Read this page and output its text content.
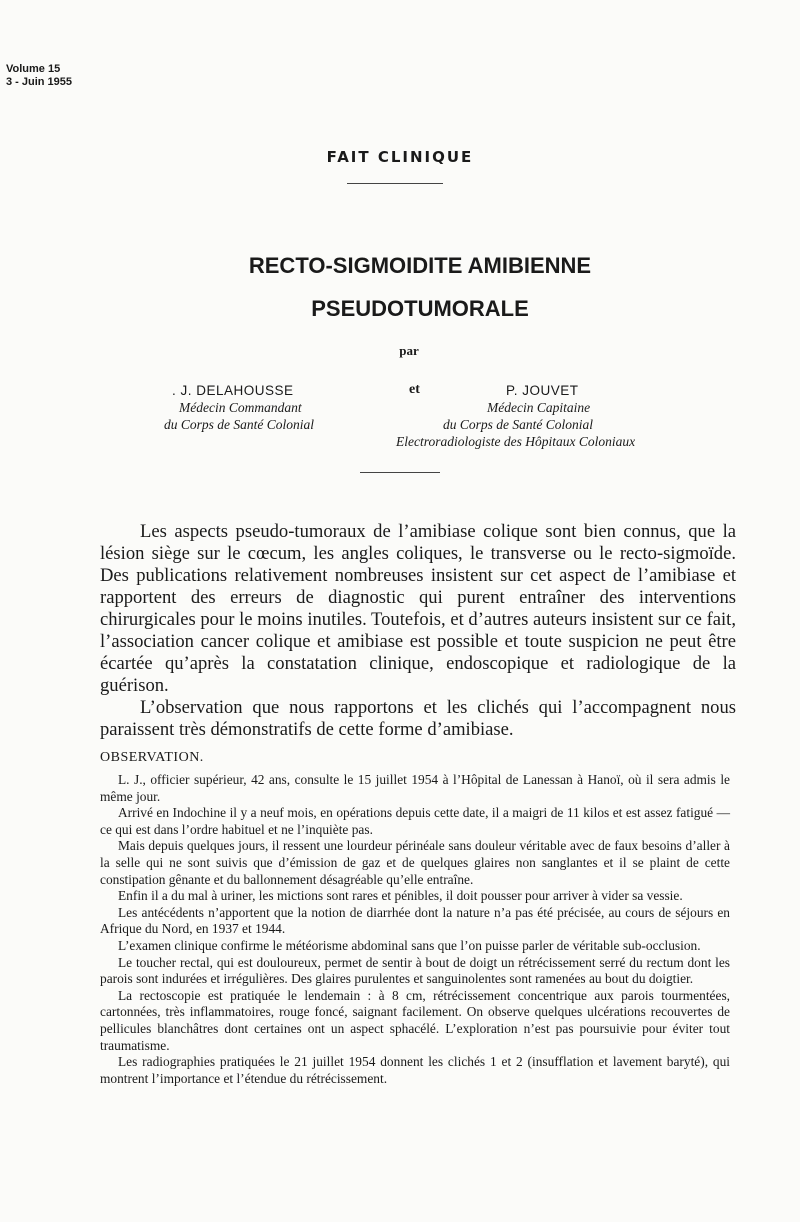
Volume 15
3 - Juin 1955
FAIT CLINIQUE
RECTO-SIGMOIDITE AMIBIENNE
PSEUDOTUMORALE
par
. J. DELAHOUSSE
Médecin Commandant
du Corps de Santé Colonial
et	P. JOUVET
Médecin Capitaine
du Corps de Santé Colonial
Electroradiologiste des Hôpitaux Coloniaux

Les aspects pseudo-tumoraux de l’amibiase colique sont bien connus, que la lésion siège sur le cœcum, les angles coliques, le transverse ou le recto-sigmoïde. Des publications relativement nombreuses insistent sur cet aspect de l’amibiase et rapportent des erreurs de diagnostic qui purent entraîner des interventions chirurgicales pour le moins inutiles. Toutefois, et d’autres auteurs insistent sur ce fait, l’association cancer colique et amibiase est possible et toute suspicion ne peut être écartée qu’après la constatation clinique, endoscopique et radiologique de la guérison.

L’observation que nous rapportons et les clichés qui l’accompagnent nous paraissent très démonstratifs de cette forme d’amibiase.

OBSERVATION.

L. J., officier supérieur, 42 ans, consulte le 15 juillet 1954 à l’Hôpital de Lanessan à Hanoï, où il sera admis le même jour.

Arrivé en Indochine il y a neuf mois, en opérations depuis cette date, il a maigri de 11 kilos et est assez fatigué — ce qui est dans l’ordre habituel et ne l’inquiète pas.

Mais depuis quelques jours, il ressent une lourdeur périnéale sans douleur véritable avec de faux besoins d’aller à la selle qui ne sont suivis que d’émission de gaz et de quelques glaires non sanglantes et il se plaint de cette constipation gênante et du ballonnement désagréable qu’elle entraîne.

Enfin il a du mal à uriner, les mictions sont rares et pénibles, il doit pousser pour arriver à vider sa vessie.

Les antécédents n’apportent que la notion de diarrhée dont la nature n’a pas été précisée, au cours de séjours en Afrique du Nord, en 1937 et 1944.

L’examen clinique confirme le météorisme abdominal sans que l’on puisse parler de véritable sub-occlusion.

Le toucher rectal, qui est douloureux, permet de sentir à bout de doigt un rétrécissement serré du rectum dont les parois sont indurées et irrégulières. Des glaires purulentes et sanguinolentes sont ramenées au bout du doigtier.

La rectoscopie est pratiquée le lendemain : à 8 cm, rétrécissement concentrique aux parois tourmentées, cartonnées, très inflammatoires, rouge foncé, saignant facilement. On observe quelques ulcérations recouvertes de pellicules blanchâtres dont certaines ont un aspect sphacélé. L’exploration n’est pas poursuivie pour éviter tout traumatisme.

Les radiographies pratiquées le 21 juillet 1954 donnent les clichés 1 et 2 (insufflation et lavement baryté), qui montrent l’importance et l’étendue du rétrécissement.
